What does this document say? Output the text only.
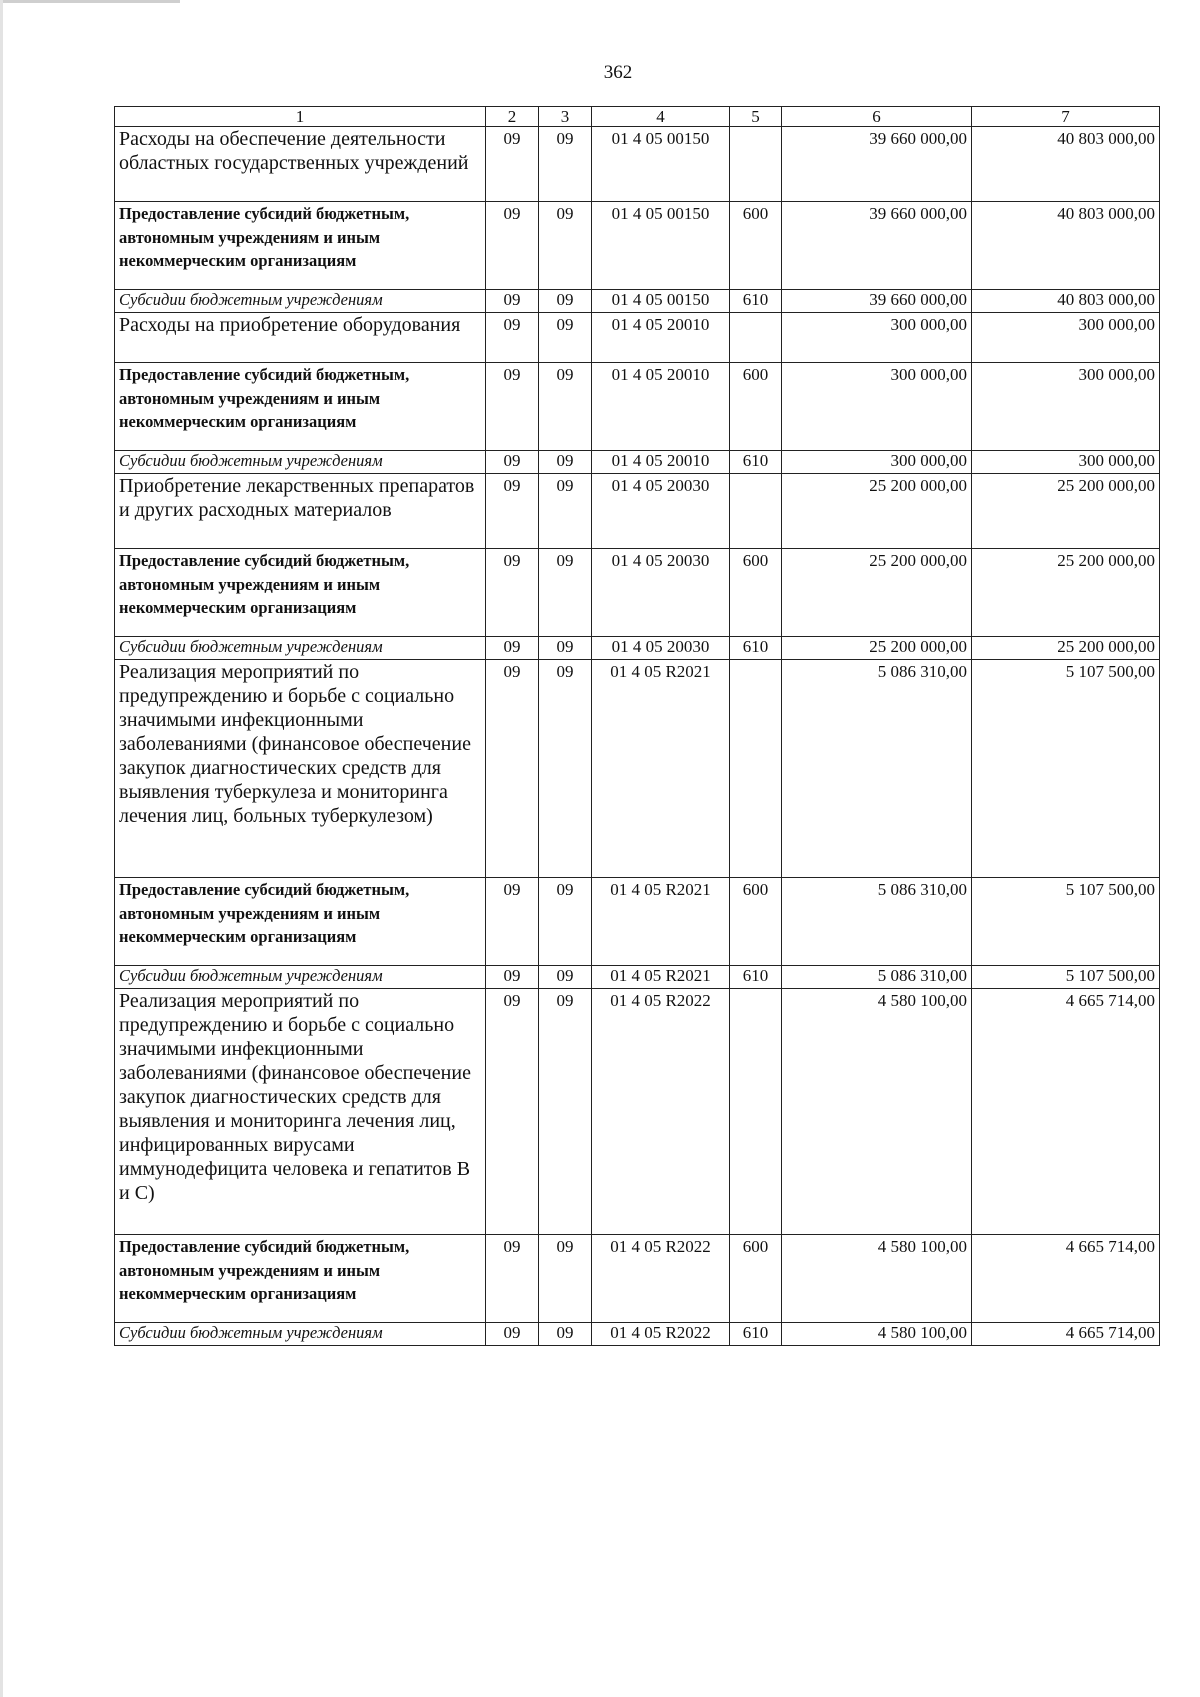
362
1	2	3	4	5	6	7
Расходы на обеспечение деятельности областных государственных учреждений	09	09	01 4 05 00150		39 660 000,00	40 803 000,00
Предоставление субсидий бюджетным, автономным учреждениям и иным некоммерческим организациям	09	09	01 4 05 00150	600	39 660 000,00	40 803 000,00
Субсидии бюджетным учреждениям	09	09	01 4 05 00150	610	39 660 000,00	40 803 000,00
Расходы на приобретение оборудования	09	09	01 4 05 20010		300 000,00	300 000,00
Предоставление субсидий бюджетным, автономным учреждениям и иным некоммерческим организациям	09	09	01 4 05 20010	600	300 000,00	300 000,00
Субсидии бюджетным учреждениям	09	09	01 4 05 20010	610	300 000,00	300 000,00
Приобретение лекарственных препаратов и других расходных материалов	09	09	01 4 05 20030		25 200 000,00	25 200 000,00
Предоставление субсидий бюджетным, автономным учреждениям и иным некоммерческим организациям	09	09	01 4 05 20030	600	25 200 000,00	25 200 000,00
Субсидии бюджетным учреждениям	09	09	01 4 05 20030	610	25 200 000,00	25 200 000,00
Реализация мероприятий по предупреждению и борьбе с социально значимыми инфекционными заболеваниями (финансовое обеспечение закупок диагностических средств для выявления туберкулеза и мониторинга лечения лиц, больных туберкулезом)	09	09	01 4 05 R2021		5 086 310,00	5 107 500,00
Предоставление субсидий бюджетным, автономным учреждениям и иным некоммерческим организациям	09	09	01 4 05 R2021	600	5 086 310,00	5 107 500,00
Субсидии бюджетным учреждениям	09	09	01 4 05 R2021	610	5 086 310,00	5 107 500,00
Реализация мероприятий по предупреждению и борьбе с социально значимыми инфекционными заболеваниями (финансовое обеспечение закупок диагностических средств для выявления и мониторинга лечения лиц, инфицированных вирусами иммунодефицита человека и гепатитов В и С)	09	09	01 4 05 R2022		4 580 100,00	4 665 714,00
Предоставление субсидий бюджетным, автономным учреждениям и иным некоммерческим организациям	09	09	01 4 05 R2022	600	4 580 100,00	4 665 714,00
Субсидии бюджетным учреждениям	09	09	01 4 05 R2022	610	4 580 100,00	4 665 714,00
